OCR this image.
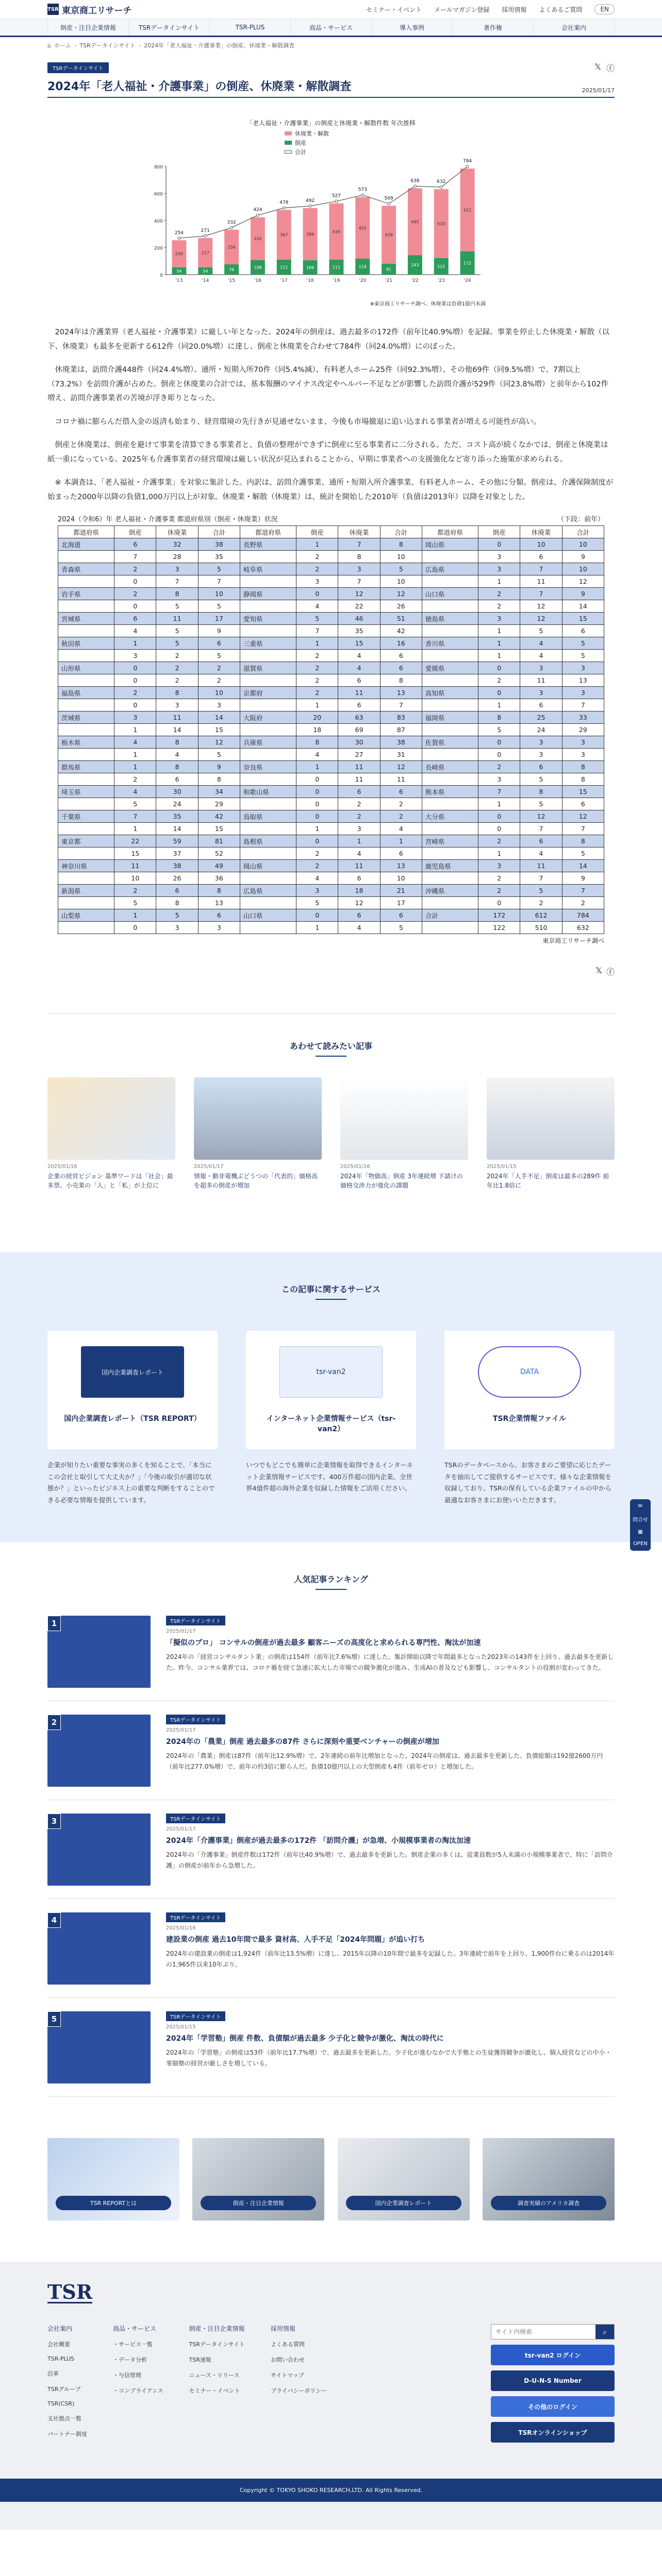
TSR 東京商工リサーチ	セミナー・イベント メールマガジン登録 採用情報 よくあるご質問	EN
倒産・注目企業情報	TSRデータインサイト	TSR-PLUS	商品・サービス	導入事例	著作権	会社案内
⌂ ホーム › TSRデータインサイト › 2024年「老人福祉・介護事業」の倒産、休廃業・解散調査
TSRデータインサイト	𝕏 ⓕ
2024年「老人福祉・介護事業」の倒産、休廃業・解散調査	2025/01/17
「老人福祉・介護事業」の倒産と休廃業・解散件数 年次推移
休廃業・解散
倒産
合計
0
200
400
600
800
54
200
254
'13
54
217
271
'14
76
256
332
'15
108
316
424
'16
111
367
478
'17
106
386
492
'18
111
416
527
'19
118
455
573
'20
81
428
509
'21
143
495
638
'22
122
510
632
'23
172
612
784
'24
※東京商工リサーチ調べ、休廃業は負債1億円未満

2024年は介護業界（老人福祉・介護事業）に厳しい年となった。2024年の倒産は、過去最多の172件（前年比40.9%増）を記録。事業を停止した休廃業・解散（以下、休廃業）も最多を更新する612件（同20.0%増）に達し、倒産と休廃業を合わせて784件（同24.0%増）にのぼった。

休廃業は、訪問介護448件（同24.4%増）、通所・短期入所70件（同5.4%減）、有料老人ホーム25件（同92.3%増）、その他69件（同9.5%増）で、7割以上（73.2%）を訪問介護が占めた。倒産と休廃業の合計では、基本報酬のマイナス改定やヘルパー不足などが影響した訪問介護が529件（同23.8%増）と前年から102件増え、訪問介護事業者の苦境が浮き彫りとなった。

コロナ禍に膨らんだ借入金の返済も始まり、経営環境の先行きが見通せないまま、今後も市場撤退に追い込まれる事業者が増える可能性が高い。

倒産と休廃業は、倒産を避けて事業を清算できる事業者と、負債の整理ができずに倒産に至る事業者に二分される。ただ、コスト高が続くなかでは、倒産と休廃業は紙一重になっている。2025年も介護事業者の経営環境は厳しい状況が見込まれることから、早期に事業者への支援強化など寄り添った施策が求められる。

※ 本調査は、「老人福祉・介護事業」を対象に集計した。内訳は、訪問介護事業、通所・短期入所介護事業、有料老人ホーム、その他に分類。倒産は、介護保険制度が始まった2000年以降の負債1,000万円以上が対象。休廃業・解散（休廃業）は、統計を開始した2010年（負債は2013年）以降を対象とした。

2024（令和6）年 老人福祉・介護事業 都道府県別（倒産・休廃業）状況	（下段：前年）
都道府県	倒産	休廃業	合計	都道府県	倒産	休廃業	合計	都道府県	倒産	休廃業	合計
北海道	6	32	38	長野県	1	7	8	岡山県	0	10	10
	7	28	35		2	8	10		3	6	9
青森県	2	3	5	岐阜県	2	3	5	広島県	3	7	10
	0	7	7		3	7	10		1	11	12
岩手県	2	8	10	静岡県	0	12	12	山口県	2	7	9
	0	5	5		4	22	26		2	12	14
宮城県	6	11	17	愛知県	5	46	51	徳島県	3	12	15
	4	5	9		7	35	42		1	5	6
秋田県	1	5	6	三重県	1	15	16	香川県	1	4	5
	3	2	5		2	4	6		1	4	5
山形県	0	2	2	滋賀県	2	4	6	愛媛県	0	3	3
	0	2	2		2	6	8		2	11	13
福島県	2	8	10	京都府	2	11	13	高知県	0	3	3
	0	3	3		1	6	7		1	6	7
茨城県	3	11	14	大阪府	20	63	83	福岡県	8	25	33
	1	14	15		18	69	87		5	24	29
栃木県	4	8	12	兵庫県	8	30	38	佐賀県	0	3	3
	1	4	5		4	27	31		0	3	3
群馬県	1	8	9	奈良県	1	11	12	長崎県	2	6	8
	2	6	8		0	11	11		3	5	8
埼玉県	4	30	34	和歌山県	0	6	6	熊本県	7	8	15
	5	24	29		0	2	2		1	5	6
千葉県	7	35	42	鳥取県	0	2	2	大分県	0	12	12
	1	14	15		1	3	4		0	7	7
東京都	22	59	81	島根県	0	1	1	宮崎県	2	6	8
	15	37	52		2	4	6		1	4	5
神奈川県	11	38	49	岡山県	2	11	13	鹿児島県	3	11	14
	10	26	36		4	6	10		2	7	9
新潟県	2	6	8	広島県	3	18	21	沖縄県	2	5	7
	5	8	13		5	12	17		0	2	2
山梨県	1	5	6	山口県	0	6	6	合計	172	612	784
	0	3	3		1	4	5		122	510	632
東京商工リサーチ調べ
𝕏 ⓕ
あわせて読みたい記事
2025/01/16
企業の経営ビジョン 基準ワードは「社会」最多票、小売業の「人」と「私」が上位に
2025/01/17
情報・動非電機ぶどうつの「代表的」価格高を超多の倒産が増加
2025/01/16
2024年「物価高」倒産 3年連続増 下請けの価格交渉力が強化の課題
2025/01/15
2024年「人手不足」倒産は最多の289件 前年比1.8倍に
この記事に関するサービス
国内企業調査レポート
国内企業調査レポート（TSR REPORT）
企業が知りたい重要な事実の多くを知ることで、「本当にこの会社と取引して大丈夫か？」「今後の取引が適切な状態か？」といったビジネス上の重要な判断をすることのできる必要な情報を提供しています。
tsr-van2
インターネット企業情報サービス（tsr-van2）
いつでもどこでも簡単に企業情報を取得できるインターネット企業情報サービスです。400万件超の国内企業、全世界4億件超の海外企業を収録した情報をご活用ください。
DATA
TSR企業情報ファイル
TSRのデータベースから、お客さまのご要望に応じたデータを抽出してご提供するサービスです。様々な企業情報を収録しており、TSRの保有している企業ファイルの中から最適なお客さまにお使いいただきます。
✉
問合せ
▦
OPEN
人気記事ランキング
1	TSRデータインサイト
2025/01/17
「擬似のプロ」 コンサルの倒産が過去最多 顧客ニーズの高度化と求められる専門性、淘汰が加速
2024年の「経営コンサルタント業」の倒産は154件（前年比7.6%増）に達した。集計開始以降で年間最多となった2023年の143件を上回り、過去最多を更新した。昨今、コンサル業界では、コロナ禍を経て急速に拡大した市場での競争激化が進み、生成AIの普及なども影響し、コンサルタントの役割が変わってきた。
2	TSRデータインサイト
2025/01/17
2024年の「農業」倒産 過去最多の87件 さらに深刻や重要ベンチャーの倒産が増加
2024年の「農業」倒産は87件（前年比12.9%増）で、2年連続の前年比増加となった。2024年の倒産は、過去最多を更新した。負債総額は192億2600万円（前年比277.0%増）で、前年の約3倍に膨らんだ。負債10億円以上の大型倒産も4件（前年ゼロ）と増加した。
3	TSRデータインサイト
2025/01/17
2024年「介護事業」倒産が過去最多の172件 「訪問介護」が急増、小規模事業者の淘汰加速
2024年の「介護事業」倒産件数は172件（前年比40.9%増）で、過去最多を更新した。倒産企業の多くは、従業員数が5人未満の小規模事業者で、特に「訪問介護」の倒産が前年から急増した。
4	TSRデータインサイト
2025/01/16
建設業の倒産 過去10年間で最多 資材高、人手不足「2024年問題」が追い打ち
2024年の建設業の倒産は1,924件（前年比13.5%増）に達し、2015年以降の10年間で最多を記録した。3年連続で前年を上回り、1,900件台に乗るのは2014年の1,965件以来10年ぶり。
5	TSRデータインサイト
2025/01/15
2024年「学習塾」倒産 件数、負債額が過去最多 少子化と競争が激化、淘汰の時代に
2024年の「学習塾」の倒産は53件（前年比17.7%増）で、過去最多を更新した。少子化が進むなかで大手塾との生徒獲得競争が激化し、個人経営などの中小・零細塾の経営が厳しさを増している。
TSR REPORTとは	倒産・注目企業情報	国内企業調査レポート	調査実績のアメリカ調査
TSR
会社案内
会社概要
TSR-PLUS
沿革
TSRグループ
TSR(CSR)
支社拠点一覧
パートナー制度
商品・サービス
・サービス一覧
・データ分析
・与信管理
・コンプライアンス
倒産・注目企業情報
TSRデータインサイト
TSR速報
ニュース・リリース
セミナー・イベント
採用情報
よくある質問
お問い合わせ
サイトマップ
プライバシーポリシー
サイト内検索
⌕
tsr-van2 ログイン
D-U-N-S Number
その他のログイン
TSRオンラインショップ
Copyright © TOKYO SHOKO RESEARCH,LTD. All Rights Reserved.
